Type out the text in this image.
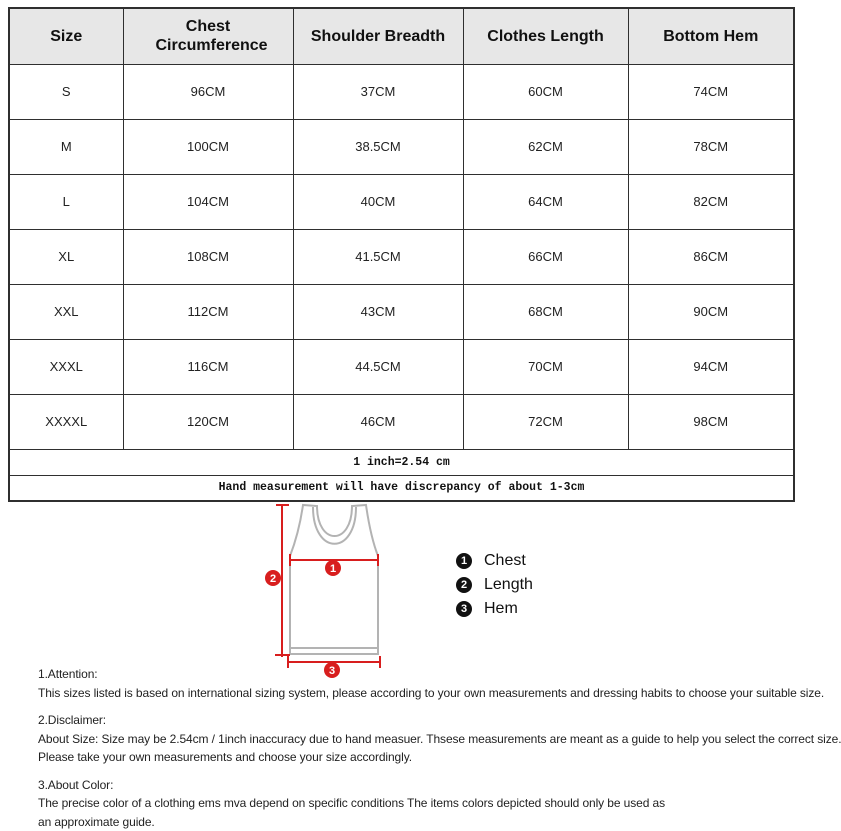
Size	Chest Circumference	Shoulder Breadth	Clothes Length	Bottom Hem
S	96CM	37CM	60CM	74CM
M	100CM	38.5CM	62CM	78CM
L	104CM	40CM	64CM	82CM
XL	108CM	41.5CM	66CM	86CM
XXL	112CM	43CM	68CM	90CM
XXXL	116CM	44.5CM	70CM	94CM
XXXXL	120CM	46CM	72CM	98CM
1 inch=2.54 cm				
Hand measurement will have discrepancy of about 1-3cm				
1
2
3
1	Chest
2	Length
3	Hem
1.Attention:
This sizes listed is based on international sizing system, please according to your own measurements and dressing habits to choose your suitable size.
2.Disclaimer:
About Size: Size may be 2.54cm / 1inch inaccuracy due to hand measuer. Thsese measurements are meant as a guide to help you select the correct size.
Please take your own measurements and choose your size accordingly.
3.About Color:
The precise color of a clothing ems mva depend on specific conditions The items colors depicted should only be used as
an approximate guide.
